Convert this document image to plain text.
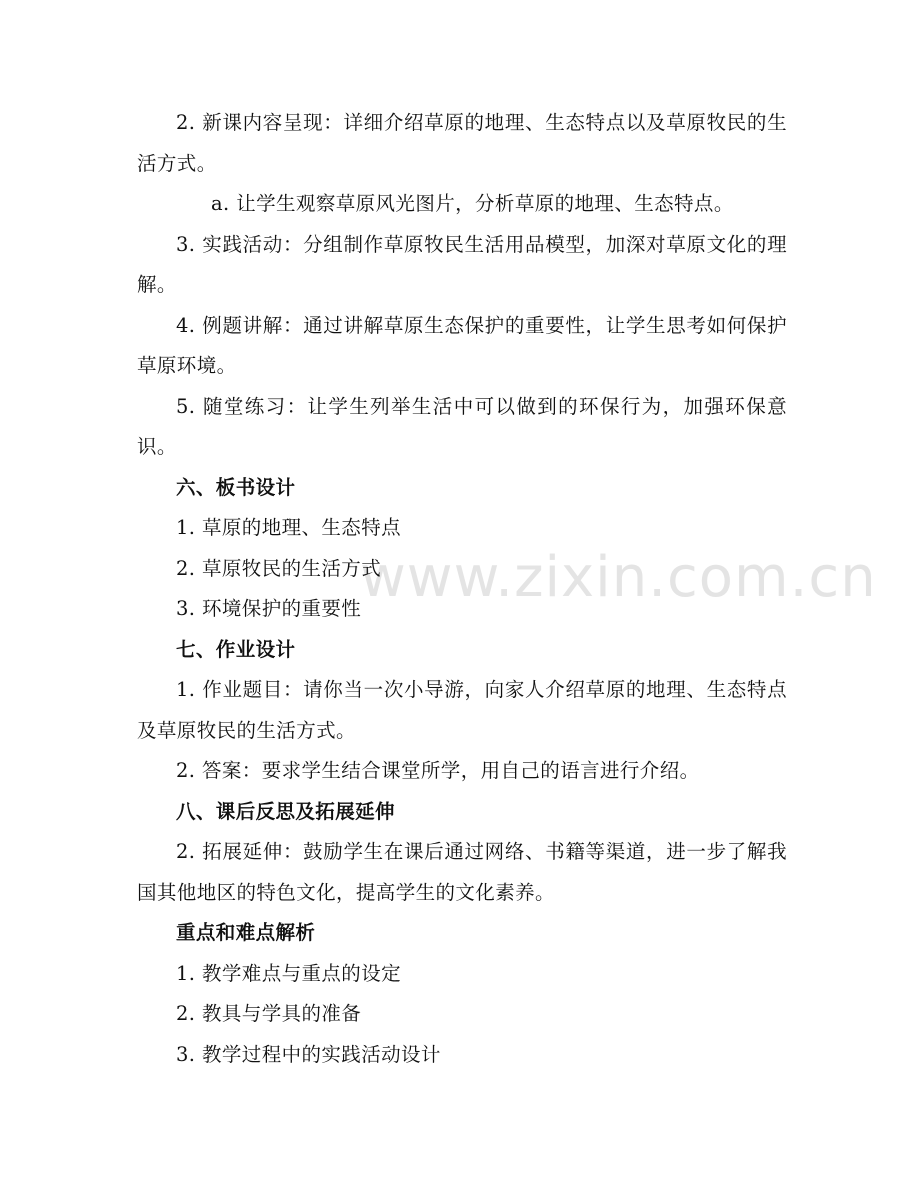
www.zixin.com.cn

2. 新课内容呈现：详细介绍草原的地理、生态特点以及草原牧民的生活方式。

a. 让学生观察草原风光图片，分析草原的地理、生态特点。

3. 实践活动：分组制作草原牧民生活用品模型，加深对草原文化的理解。

4. 例题讲解：通过讲解草原生态保护的重要性，让学生思考如何保护草原环境。

5. 随堂练习：让学生列举生活中可以做到的环保行为，加强环保意识。

六、板书设计

1. 草原的地理、生态特点

2. 草原牧民的生活方式

3. 环境保护的重要性

七、作业设计

1. 作业题目：请你当一次小导游，向家人介绍草原的地理、生态特点及草原牧民的生活方式。

2. 答案：要求学生结合课堂所学，用自己的语言进行介绍。

八、课后反思及拓展延伸

2. 拓展延伸：鼓励学生在课后通过网络、书籍等渠道，进一步了解我国其他地区的特色文化，提高学生的文化素养。

重点和难点解析

1. 教学难点与重点的设定

2. 教具与学具的准备

3. 教学过程中的实践活动设计
